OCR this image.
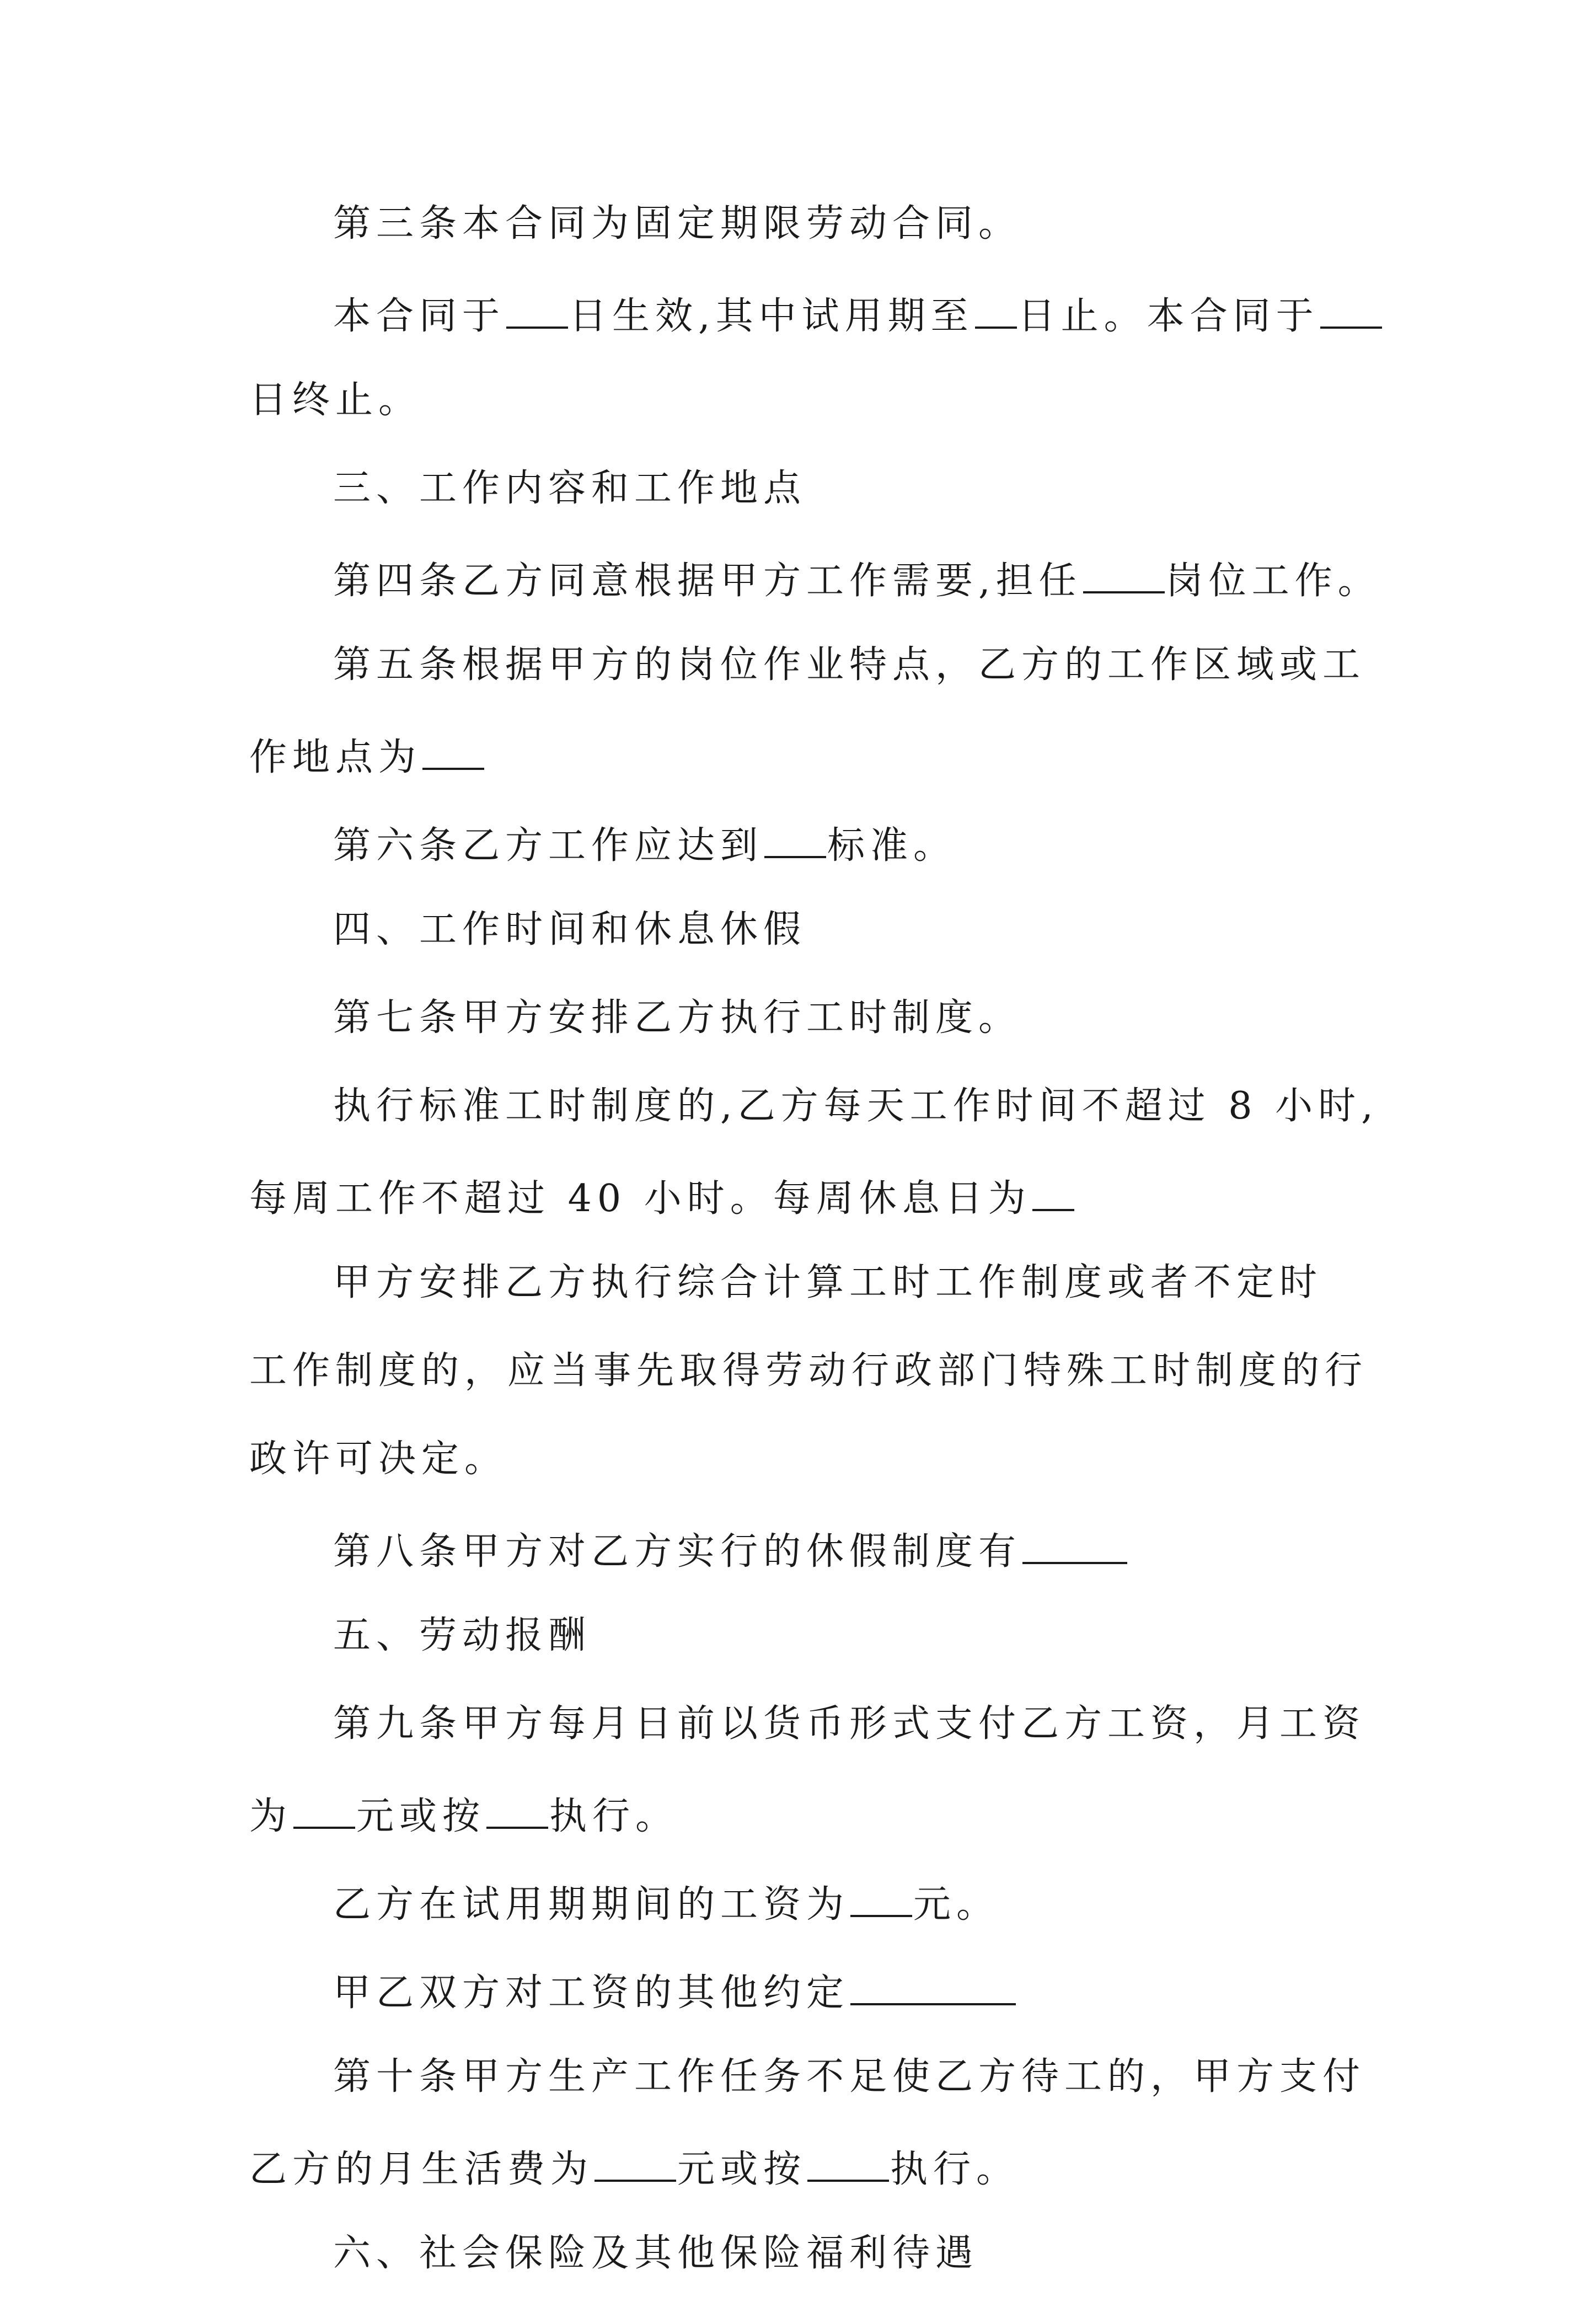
第三条本合同为固定期限劳动合同。
本合同于 日生效,其中试用期至 日止。本合同于
日终止。
三、工作内容和工作地点
第四条乙方同意根据甲方工作需要,担任 岗位工作。
第五条根据甲方的岗位作业特点，乙方的工作区域或工
作地点为
第六条乙方工作应达到 标准。
四、工作时间和休息休假
第七条甲方安排乙方执行工时制度。
执行标准工时制度的,乙方每天工作时间不超过 8 小时,
每周工作不超过 40 小时。每周休息日为
甲方安排乙方执行综合计算工时工作制度或者不定时
工作制度的，应当事先取得劳动行政部门特殊工时制度的行
政许可决定。
第八条甲方对乙方实行的休假制度有
五、劳动报酬
第九条甲方每月日前以货币形式支付乙方工资，月工资
为 元或按 执行。
乙方在试用期期间的工资为 元。
甲乙双方对工资的其他约定
第十条甲方生产工作任务不足使乙方待工的，甲方支付
乙方的月生活费为 元或按 执行。
六、社会保险及其他保险福利待遇
